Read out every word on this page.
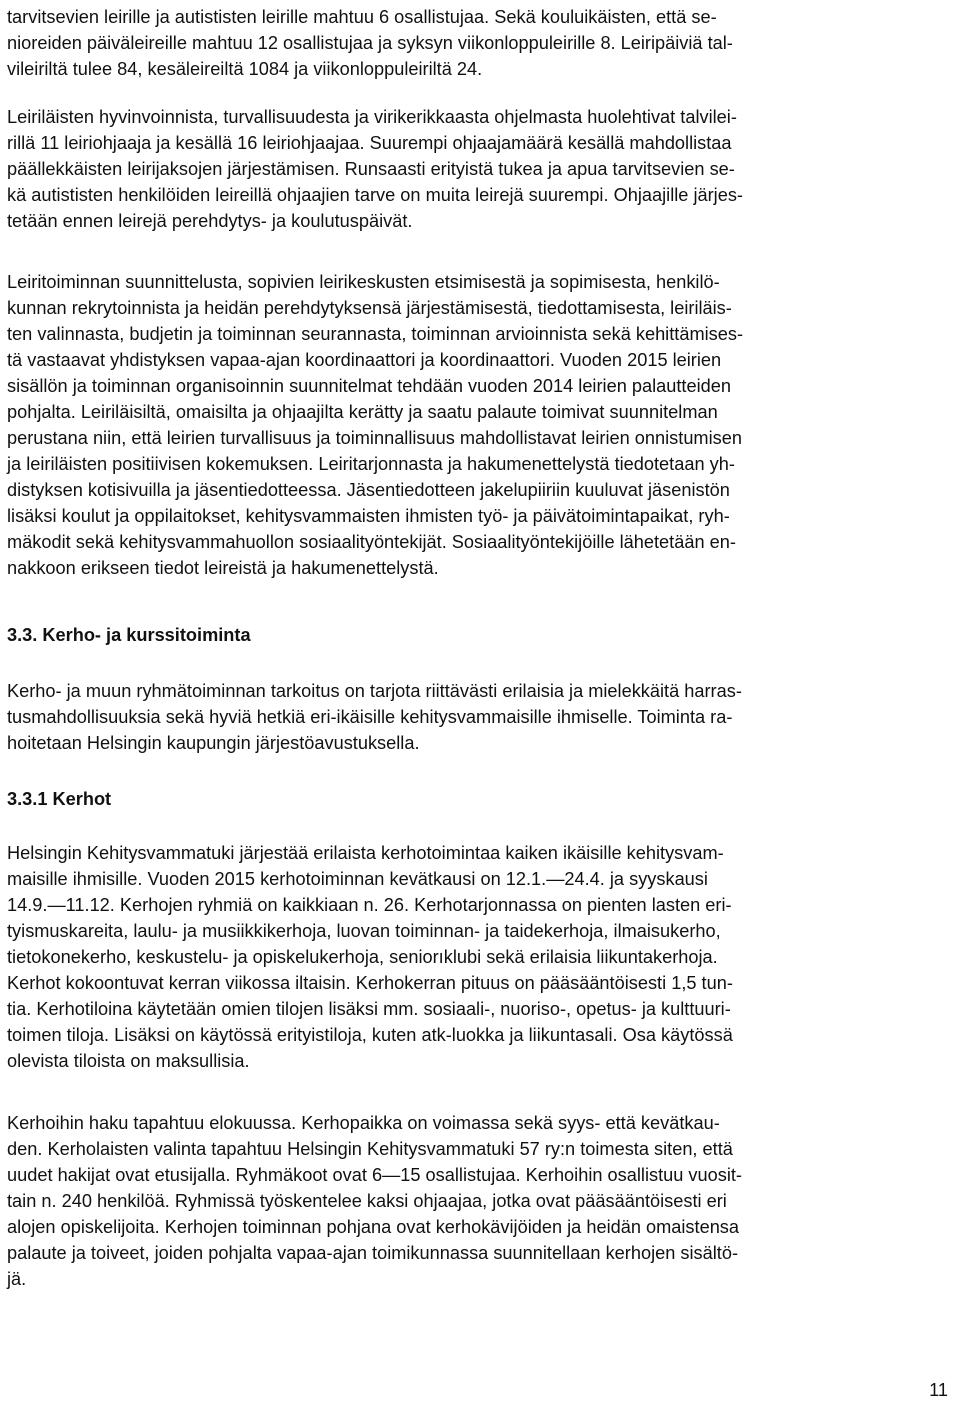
tarvitsevien leirille ja autististen leirille mahtuu 6 osallistujaa. Sekä kouluikäisten, että se-
nioreiden päiväleireille mahtuu 12 osallistujaa ja syksyn viikonloppuleirille 8. Leiripäiviä tal-
vileiriltä tulee 84, kesäleireiltä 1084 ja viikonloppuleiriltä 24.
Leiriläisten hyvinvoinnista, turvallisuudesta ja virikerikkaasta ohjelmasta huolehtivat talvilei-
rillä 11 leiriohjaaja ja kesällä 16 leiriohjaajaa. Suurempi ohjaajamäärä kesällä mahdollistaa
päällekkäisten leirijaksojen järjestämisen. Runsaasti erityistä tukea ja apua tarvitsevien se-
kä autististen henkilöiden leireillä ohjaajien tarve on muita leirejä suurempi. Ohjaajille järjes-
tetään ennen leirejä perehdytys- ja koulutuspäivät.
Leiritoiminnan suunnittelusta, sopivien leirikeskusten etsimisestä ja sopimisesta, henkilö-
kunnan rekrytoinnista ja heidän perehdytyksensä järjestämisestä, tiedottamisesta, leiriläis-
ten valinnasta, budjetin ja toiminnan seurannasta, toiminnan arvioinnista sekä kehittämises-
tä vastaavat yhdistyksen vapaa-ajan koordinaattori ja koordinaattori. Vuoden 2015 leirien
sisällön ja toiminnan organisoinnin suunnitelmat tehdään vuoden 2014 leirien palautteiden
pohjalta. Leiriläisiltä, omaisilta ja ohjaajilta kerätty ja saatu palaute toimivat suunnitelman
perustana niin, että leirien turvallisuus ja toiminnallisuus mahdollistavat leirien onnistumisen
ja leiriläisten positiivisen kokemuksen. Leiritarjonnasta ja hakumenettelystä tiedotetaan yh-
distyksen kotisivuilla ja jäsentiedotteessa. Jäsentiedotteen jakelupiiriin kuuluvat jäsenistön
lisäksi koulut ja oppilaitokset, kehitysvammaisten ihmisten työ- ja päivätoimintapaikat, ryh-
mäkodit sekä kehitysvammahuollon sosiaalityöntekijät. Sosiaalityöntekijöille lähetetään en-
nakkoon erikseen tiedot leireistä ja hakumenettelystä.
3.3. Kerho- ja kurssitoiminta
Kerho- ja muun ryhmätoiminnan tarkoitus on tarjota riittävästi erilaisia ja mielekkäitä harras-
tusmahdollisuuksia sekä hyviä hetkiä eri-ikäisille kehitysvammaisille ihmiselle. Toiminta ra-
hoitetaan Helsingin kaupungin järjestöavustuksella.
3.3.1 Kerhot
Helsingin Kehitysvammatuki järjestää erilaista kerhotoimintaa kaiken ikäisille kehitysvam-
maisille ihmisille. Vuoden 2015 kerhotoiminnan kevätkausi on 12.1.—24.4. ja syyskausi
14.9.—11.12. Kerhojen ryhmiä on kaikkiaan n. 26. Kerhotarjonnassa on pienten lasten eri-
tyismuskareita, laulu- ja musiikkikerhoja, luovan toiminnan- ja taidekerhoja, ilmaisukerho,
tietokonekerho, keskustelu- ja opiskelukerhoja, seniorıklubi sekä erilaisia liikuntakerhoja.
Kerhot kokoontuvat kerran viikossa iltaisin. Kerhokerran pituus on pääsääntöisesti 1,5 tun-
tia. Kerhotiloina käytetään omien tilojen lisäksi mm. sosiaali-, nuoriso-, opetus- ja kulttuuri-
toimen tiloja. Lisäksi on käytössä erityistiloja, kuten atk-luokka ja liikuntasali. Osa käytössä
olevista tiloista on maksullisia.
Kerhoihin haku tapahtuu elokuussa. Kerhopaikka on voimassa sekä syys- että kevätkau-
den. Kerholaisten valinta tapahtuu Helsingin Kehitysvammatuki 57 ry:n toimesta siten, että
uudet hakijat ovat etusijalla. Ryhmäkoot ovat 6—15 osallistujaa. Kerhoihin osallistuu vuosit-
tain n. 240 henkilöä. Ryhmissä työskentelee kaksi ohjaajaa, jotka ovat pääsääntöisesti eri
alojen opiskelijoita. Kerhojen toiminnan pohjana ovat kerhokävijöiden ja heidän omaistensa
palaute ja toiveet, joiden pohjalta vapaa-ajan toimikunnassa suunnitellaan kerhojen sisältö-
jä.
11
